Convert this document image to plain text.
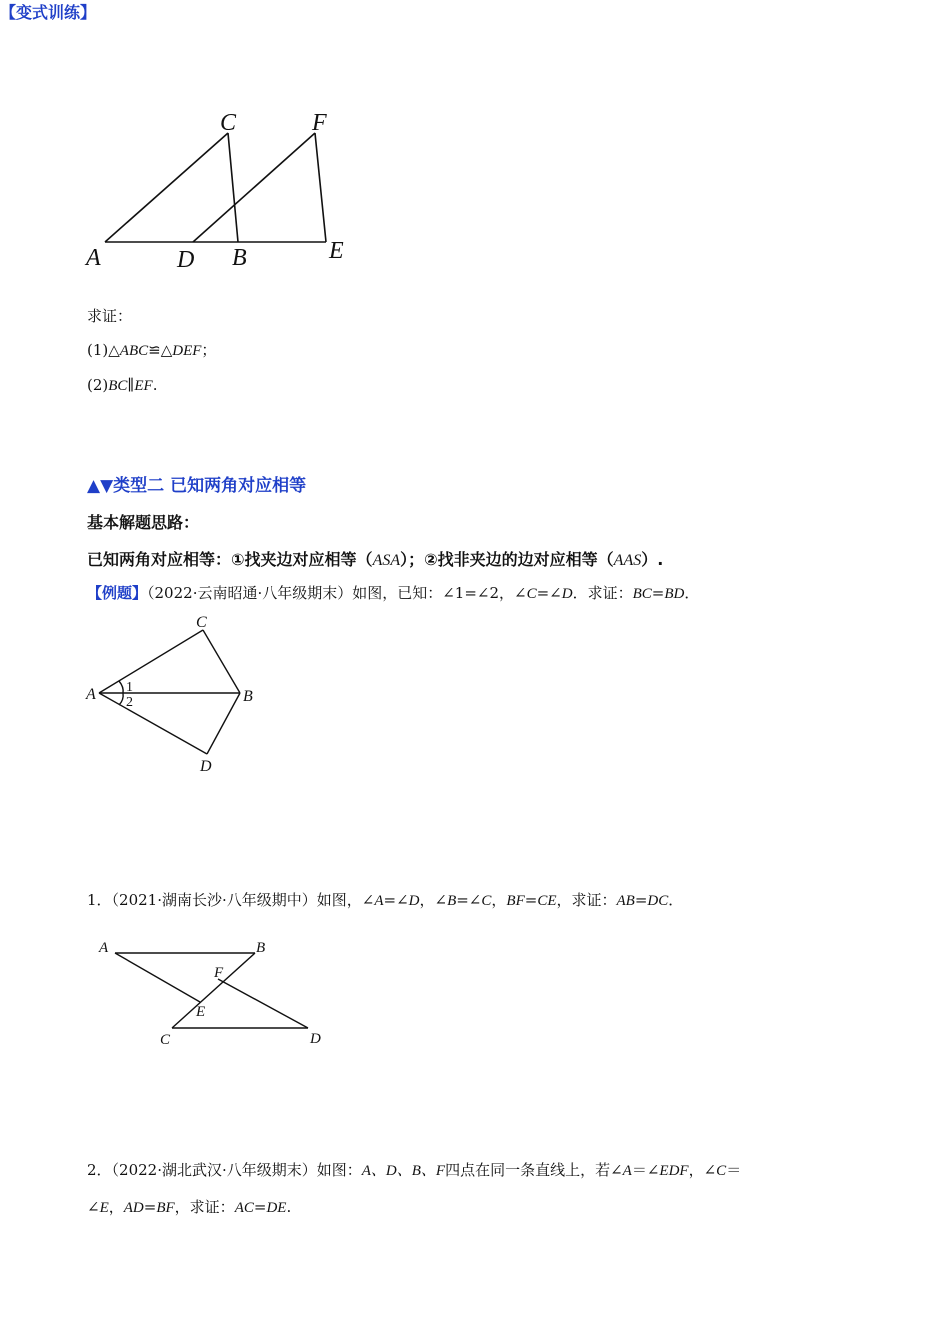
C	F
A	D B	E
求证：
(1)△ABC≌△DEF；
(2)BC∥EF.
▲▼类型二 已知两角对应相等
基本解题思路：
已知两角对应相等：①找夹边对应相等（ASA）；②找非夹边的边对应相等（AAS）.
【例题】（2022·云南昭通·八年级期末）如图，已知：∠1=∠2，∠C=∠D．求证：BC=BD．
C
A	B
D
1
2
【变式训练】
1．（2021·湖南长沙·八年级期中）如图，∠A=∠D，∠B=∠C，BF=CE，求证：AB=DC．
A	B
F
E
C	D
2．（2022·湖北武汉·八年级期末）如图：A、D、B、F四点在同一条直线上，若∠A＝∠EDF，∠C＝
∠E，AD=BF，求证：AC=DE.
